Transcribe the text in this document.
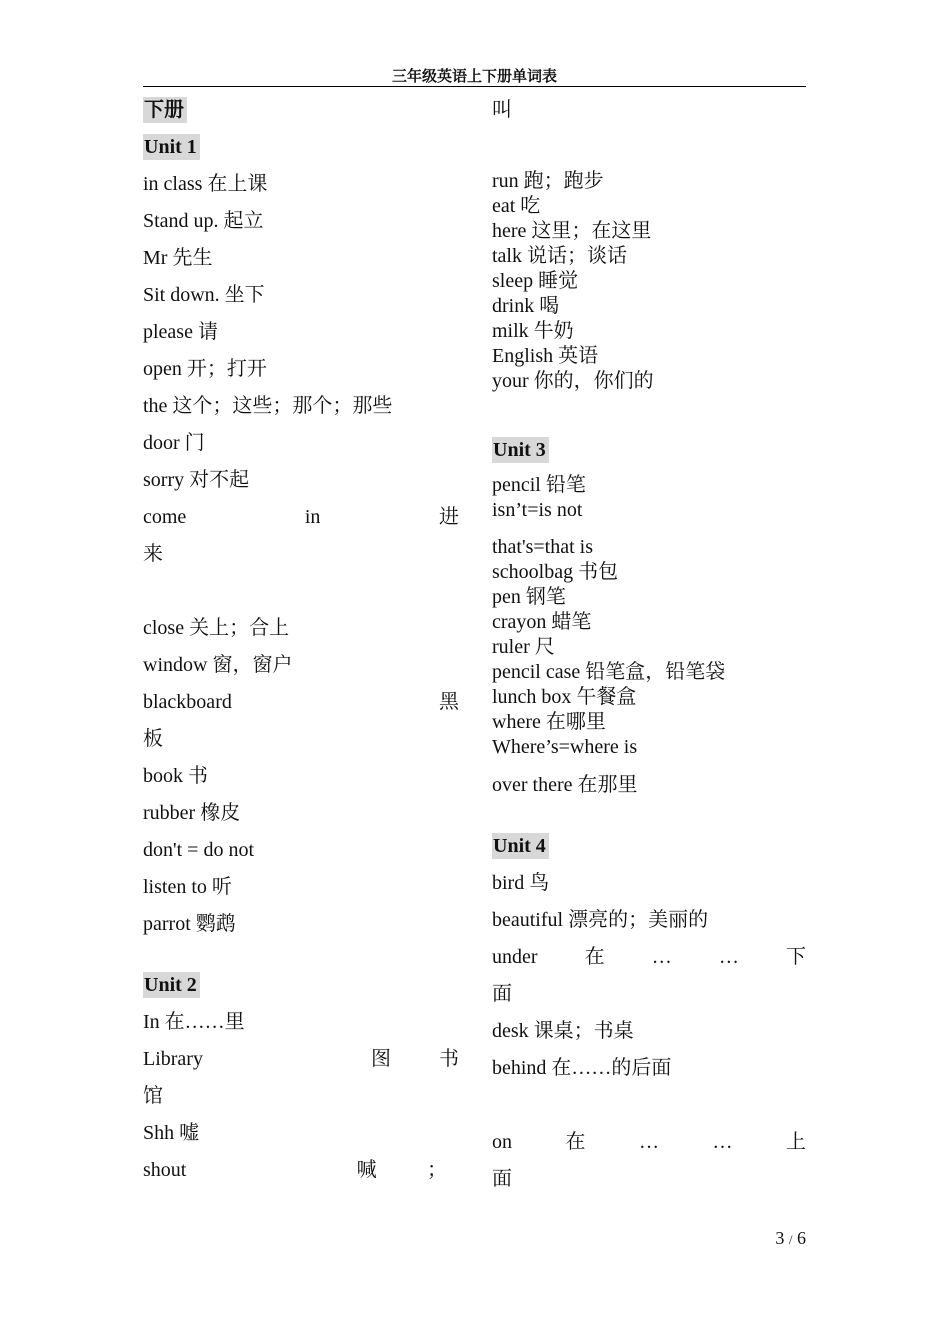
三年级英语上下册单词表
下册
Unit 1
in class 在上课
Stand up. 起立
Mr 先生
Sit down. 坐下
please 请
open 开；打开
the 这个；这些；那个；那些
door 门
sorry 对不起
come	in	进
来
close 关上；合上
window 窗，窗户
blackboard	黑
板
book 书
rubber 橡皮
don't = do not
listen to 听
parrot 鹦鹉
Unit 2
In 在……里
Library	图 书
馆
Shh 嘘
shout	喊	；
叫
run 跑；跑步
eat 吃
here 这里；在这里
talk 说话；谈话
sleep 睡觉
drink 喝
milk 牛奶
English 英语
your 你的，你们的
Unit 3
pencil 铅笔
isn’t=is not
that's=that is
schoolbag 书包
pen 钢笔
crayon 蜡笔
ruler 尺
pencil case 铅笔盒，铅笔袋
lunch box 午餐盒
where 在哪里
Where’s=where is
over there 在那里
Unit 4
bird 鸟
beautiful 漂亮的；美丽的
under 在 … … 下
面
desk 课桌；书桌
behind 在……的后面
on	在	…	…	上
面
3 / 6
